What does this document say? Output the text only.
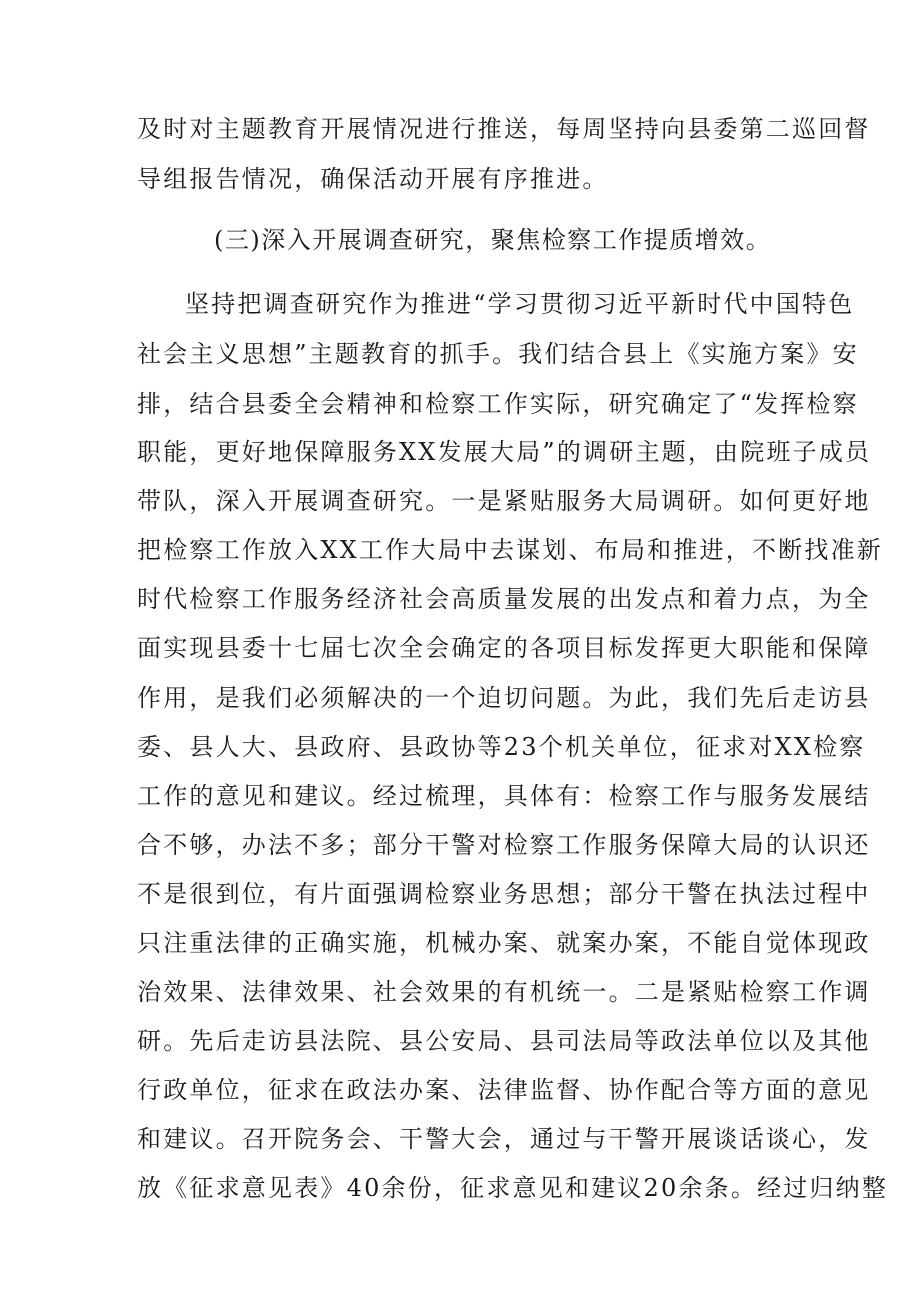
及时对主题教育开展情况进行推送，每周坚持向县委第二巡回督
导组报告情况，确保活动开展有序推进。
(三)深入开展调查研究，聚焦检察工作提质增效。
坚持把调查研究作为推进“学习贯彻习近平新时代中国特色
社会主义思想”主题教育的抓手。我们结合县上《实施方案》安
排，结合县委全会精神和检察工作实际，研究确定了“发挥检察
职能，更好地保障服务XX发展大局”的调研主题，由院班子成员
带队，深入开展调查研究。一是紧贴服务大局调研。如何更好地
把检察工作放入XX工作大局中去谋划、布局和推进，不断找准新
时代检察工作服务经济社会高质量发展的出发点和着力点，为全
面实现县委十七届七次全会确定的各项目标发挥更大职能和保障
作用，是我们必须解决的一个迫切问题。为此，我们先后走访县
委、县人大、县政府、县政协等23个机关单位，征求对XX检察
工作的意见和建议。经过梳理，具体有：检察工作与服务发展结
合不够，办法不多；部分干警对检察工作服务保障大局的认识还
不是很到位，有片面强调检察业务思想；部分干警在执法过程中
只注重法律的正确实施，机械办案、就案办案，不能自觉体现政
治效果、法律效果、社会效果的有机统一。二是紧贴检察工作调
研。先后走访县法院、县公安局、县司法局等政法单位以及其他
行政单位，征求在政法办案、法律监督、协作配合等方面的意见
和建议。召开院务会、干警大会，通过与干警开展谈话谈心，发
放《征求意见表》40余份，征求意见和建议20余条。经过归纳整
